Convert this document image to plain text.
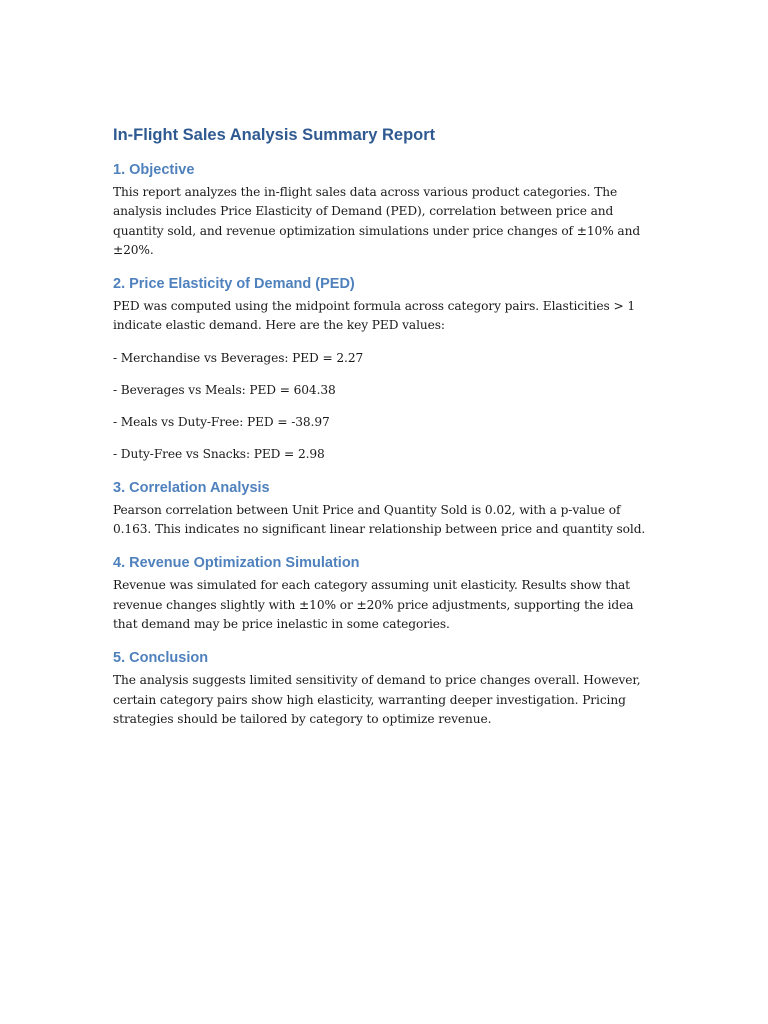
In-Flight Sales Analysis Summary Report
1. Objective

This report analyzes the in-flight sales data across various product categories. The analysis includes Price Elasticity of Demand (PED), correlation between price and quantity sold, and revenue optimization simulations under price changes of ±10% and ±20%.

2. Price Elasticity of Demand (PED)

PED was computed using the midpoint formula across category pairs. Elasticities > 1 indicate elastic demand. Here are the key PED values:

- Merchandise vs Beverages: PED = 2.27

- Beverages vs Meals: PED = 604.38

- Meals vs Duty-Free: PED = -38.97

- Duty-Free vs Snacks: PED = 2.98

3. Correlation Analysis

Pearson correlation between Unit Price and Quantity Sold is 0.02, with a p-value of 0.163. This indicates no significant linear relationship between price and quantity sold.

4. Revenue Optimization Simulation

Revenue was simulated for each category assuming unit elasticity. Results show that revenue changes slightly with ±10% or ±20% price adjustments, supporting the idea that demand may be price inelastic in some categories.

5. Conclusion

The analysis suggests limited sensitivity of demand to price changes overall. However, certain category pairs show high elasticity, warranting deeper investigation. Pricing strategies should be tailored by category to optimize revenue.
